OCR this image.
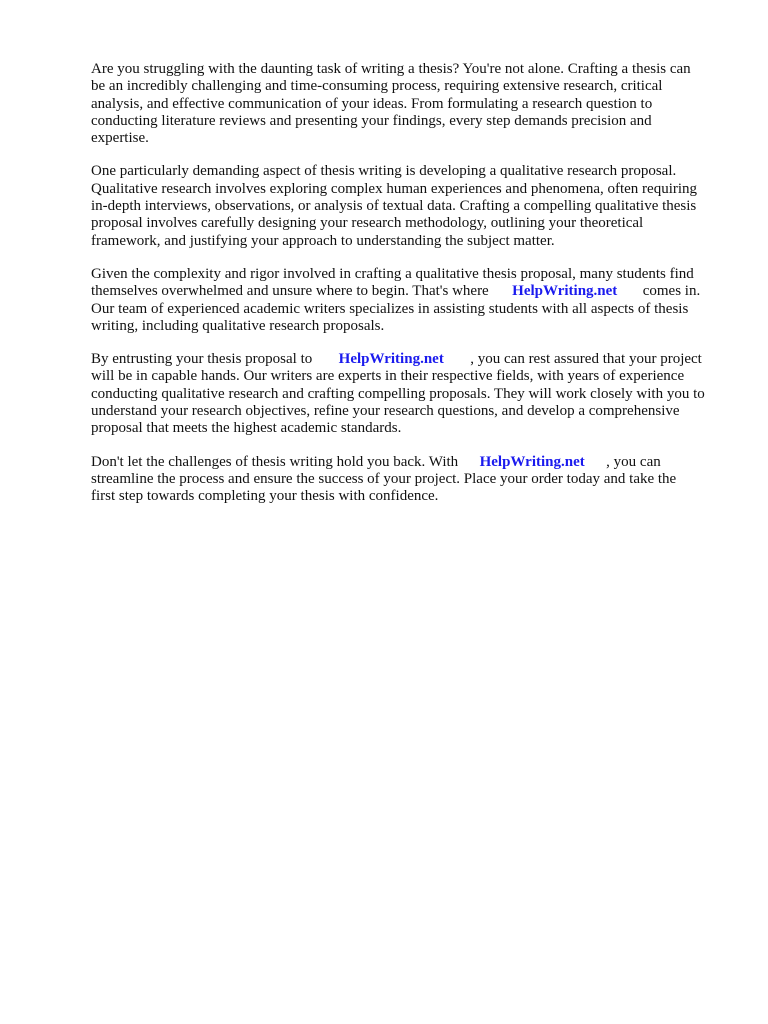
Are you struggling with the daunting task of writing a thesis? You're not alone. Crafting a thesis can
be an incredibly challenging and time-consuming process, requiring extensive research, critical
analysis, and effective communication of your ideas. From formulating a research question to
conducting literature reviews and presenting your findings, every step demands precision and
expertise.

One particularly demanding aspect of thesis writing is developing a qualitative research proposal.
Qualitative research involves exploring complex human experiences and phenomena, often requiring
in-depth interviews, observations, or analysis of textual data. Crafting a compelling qualitative thesis
proposal involves carefully designing your research methodology, outlining your theoretical
framework, and justifying your approach to understanding the subject matter.

Given the complexity and rigor involved in crafting a qualitative thesis proposal, many students find
themselves overwhelmed and unsure where to begin. That's where HelpWriting.net comes in.
Our team of experienced academic writers specializes in assisting students with all aspects of thesis
writing, including qualitative research proposals.

By entrusting your thesis proposal to HelpWriting.net , you can rest assured that your project
will be in capable hands. Our writers are experts in their respective fields, with years of experience
conducting qualitative research and crafting compelling proposals. They will work closely with you to
understand your research objectives, refine your research questions, and develop a comprehensive
proposal that meets the highest academic standards.

Don't let the challenges of thesis writing hold you back. With HelpWriting.net , you can
streamline the process and ensure the success of your project. Place your order today and take the
first step towards completing your thesis with confidence.
